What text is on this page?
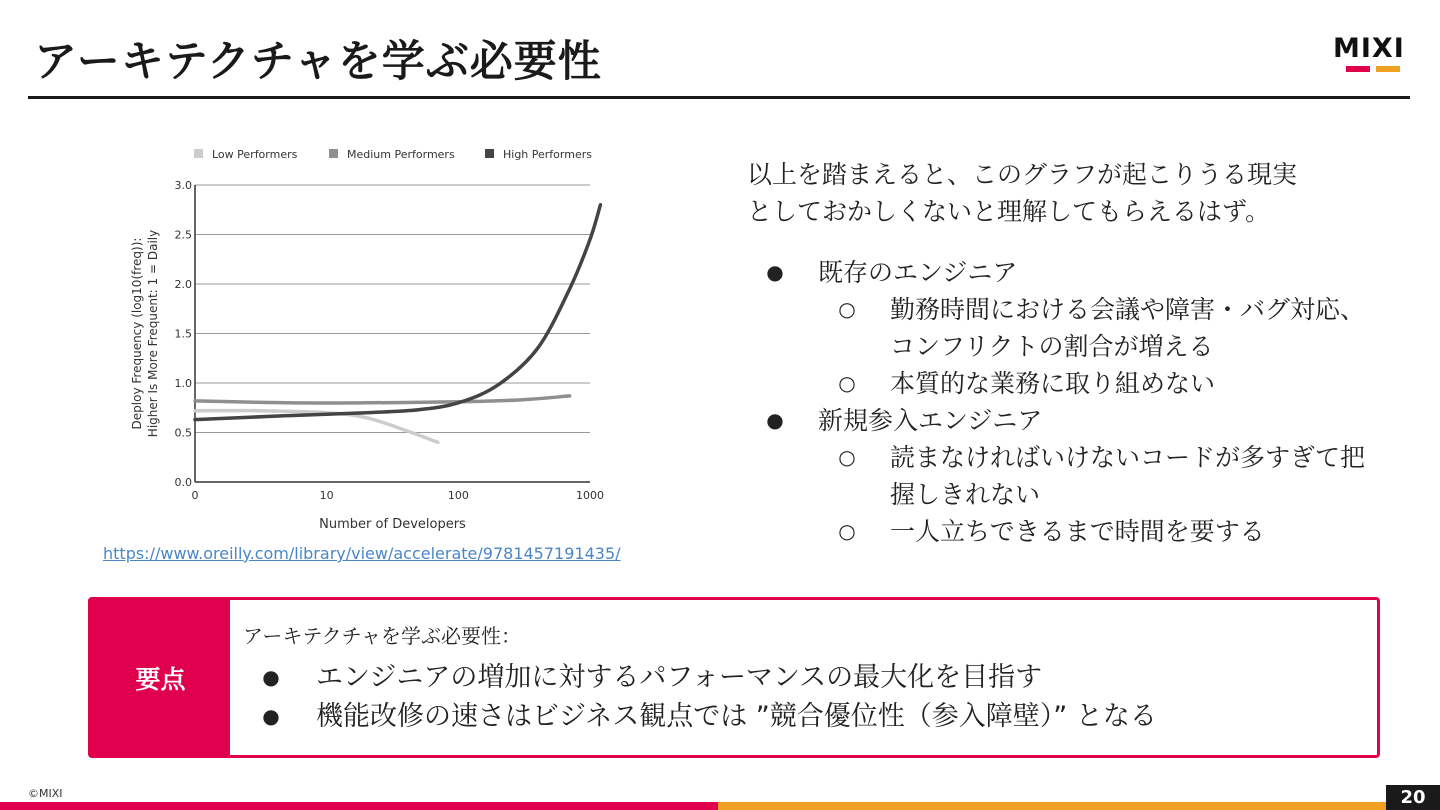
アーキテクチャを学ぶ必要性	MIXI
0.0
0.5
1.0
1.5
2.0
2.5
3.0
0	10	100	1000
Number of Developers
Deploy Frequency (log10(freq)): Higher Is More Frequent: 1 = Daily
Low Performers	Medium Performers	High Performers
https://www.oreilly.com/library/view/accelerate/9781457191435/
以上を踏まえると、このグラフが起こりうる現実
としておかしくないと理解してもらえるはず。
● 既存のエンジニア
○ 勤務時間における会議や障害・バグ対応、コンフリクトの割合が増える
○ 本質的な業務に取り組めない
● 新規参入エンジニア
○ 読まなければいけないコードが多すぎて把握しきれない
○ 一人立ちできるまで時間を要する
要点
アーキテクチャを学ぶ必要性：
● エンジニアの増加に対するパフォーマンスの最大化を目指す
● 機能改修の速さはビジネス観点では ”競合優位性（参入障壁）” となる
©MIXI	20
